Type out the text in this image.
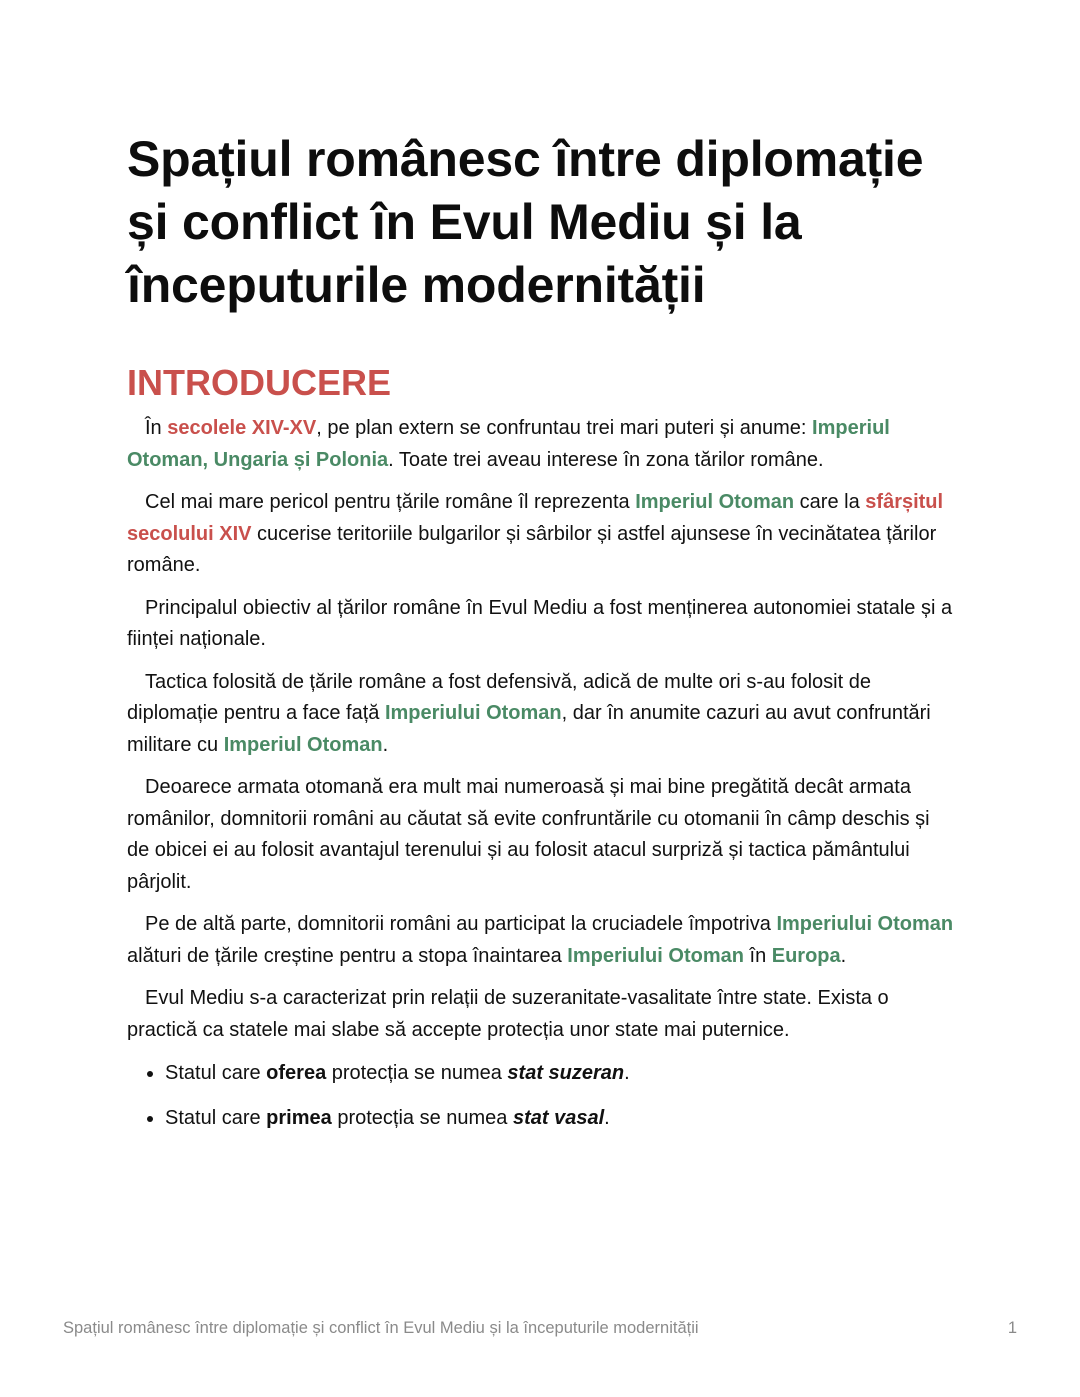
Spațiul românesc între diplomație și conflict în Evul Mediu și la începuturile modernității
INTRODUCERE

În secolele XIV-XV, pe plan extern se confruntau trei mari puteri și anume: Imperiul Otoman, Ungaria și Polonia. Toate trei aveau interese în zona tărilor române.

Cel mai mare pericol pentru țările române îl reprezenta Imperiul Otoman care la sfârșitul secolului XIV cucerise teritoriile bulgarilor și sârbilor și astfel ajunsese în vecinătatea țărilor române.

Principalul obiectiv al țărilor române în Evul Mediu a fost menținerea autonomiei statale și a ființei naționale.

Tactica folosită de țările române a fost defensivă, adică de multe ori s-au folosit de diplomație pentru a face față Imperiului Otoman, dar în anumite cazuri au avut confruntări militare cu Imperiul Otoman.

Deoarece armata otomană era mult mai numeroasă și mai bine pregătită decât armata românilor, domnitorii români au căutat să evite confruntările cu otomanii în câmp deschis și de obicei ei au folosit avantajul terenului și au folosit atacul surpriză și tactica pământului pârjolit.

Pe de altă parte, domnitorii români au participat la cruciadele împotriva Imperiului Otoman alături de țările creștine pentru a stopa înaintarea Imperiului Otoman în Europa.

Evul Mediu s-a caracterizat prin relații de suzeranitate-vasalitate între state. Exista o practică ca statele mai slabe să accepte protecția unor state mai puternice.

• Statul care oferea protecția se numea stat suzeran.
• Statul care primea protecția se numea stat vasal.
Spațiul românesc între diplomație și conflict în Evul Mediu și la începuturile modernității	1
